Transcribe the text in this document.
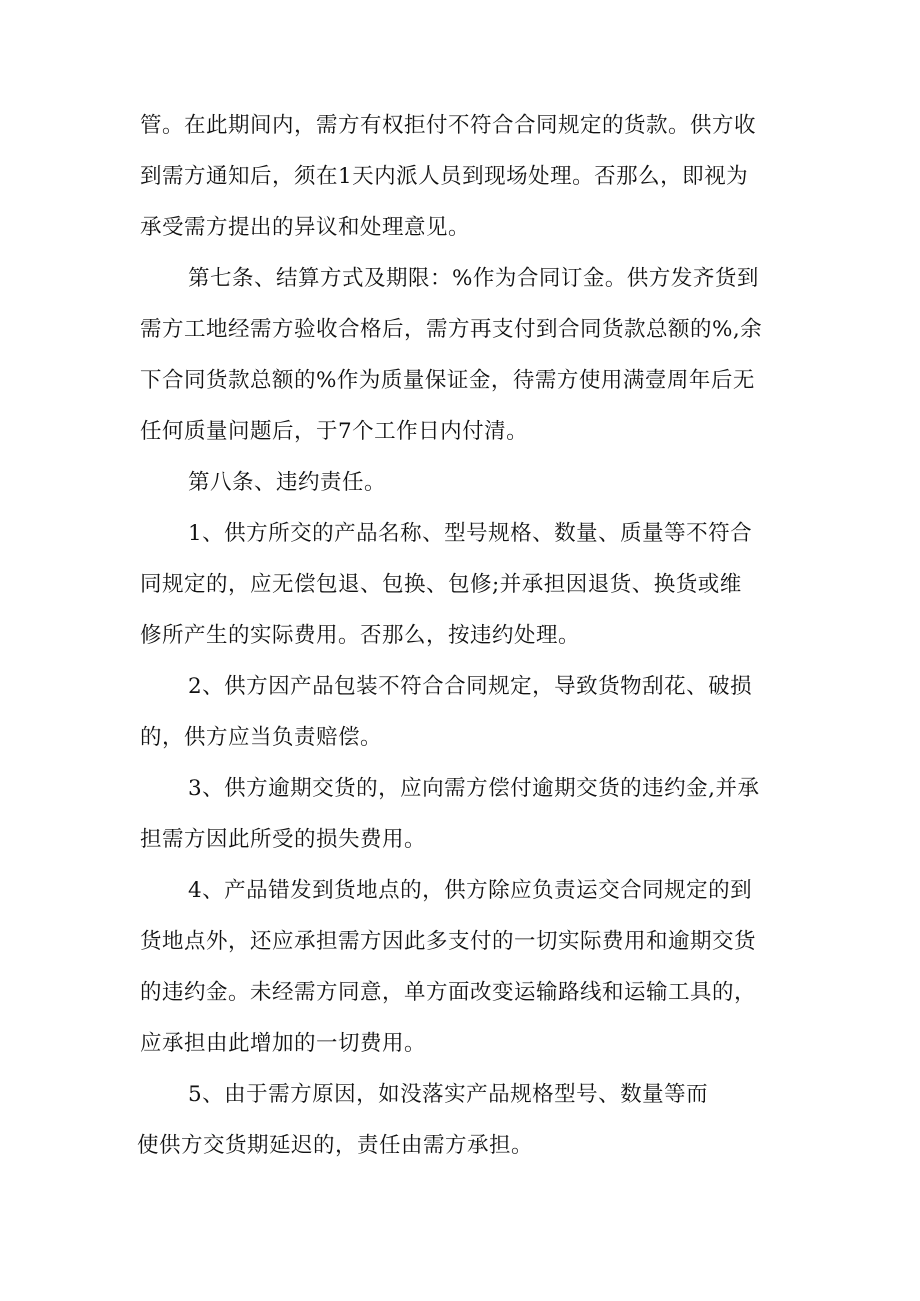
管。在此期间内，需方有权拒付不符合合同规定的货款。供方收
到需方通知后，须在1天内派人员到现场处理。否那么，即视为
承受需方提出的异议和处理意见。
第七条、结算方式及期限：%作为合同订金。供方发齐货到
需方工地经需方验收合格后，需方再支付到合同货款总额的%,余
下合同货款总额的%作为质量保证金，待需方使用满壹周年后无
任何质量问题后，于7个工作日内付清。
第八条、违约责任。
1、供方所交的产品名称、型号规格、数量、质量等不符合
同规定的，应无偿包退、包换、包修;并承担因退货、换货或维
修所产生的实际费用。否那么，按违约处理。
2、供方因产品包装不符合合同规定，导致货物刮花、破损
的，供方应当负责赔偿。
3、供方逾期交货的，应向需方偿付逾期交货的违约金,并承
担需方因此所受的损失费用。
4、产品错发到货地点的，供方除应负责运交合同规定的到
货地点外，还应承担需方因此多支付的一切实际费用和逾期交货
的违约金。未经需方同意，单方面改变运输路线和运输工具的，
应承担由此增加的一切费用。
5、由于需方原因，如没落实产品规格型号、数量等而
使供方交货期延迟的，责任由需方承担。
